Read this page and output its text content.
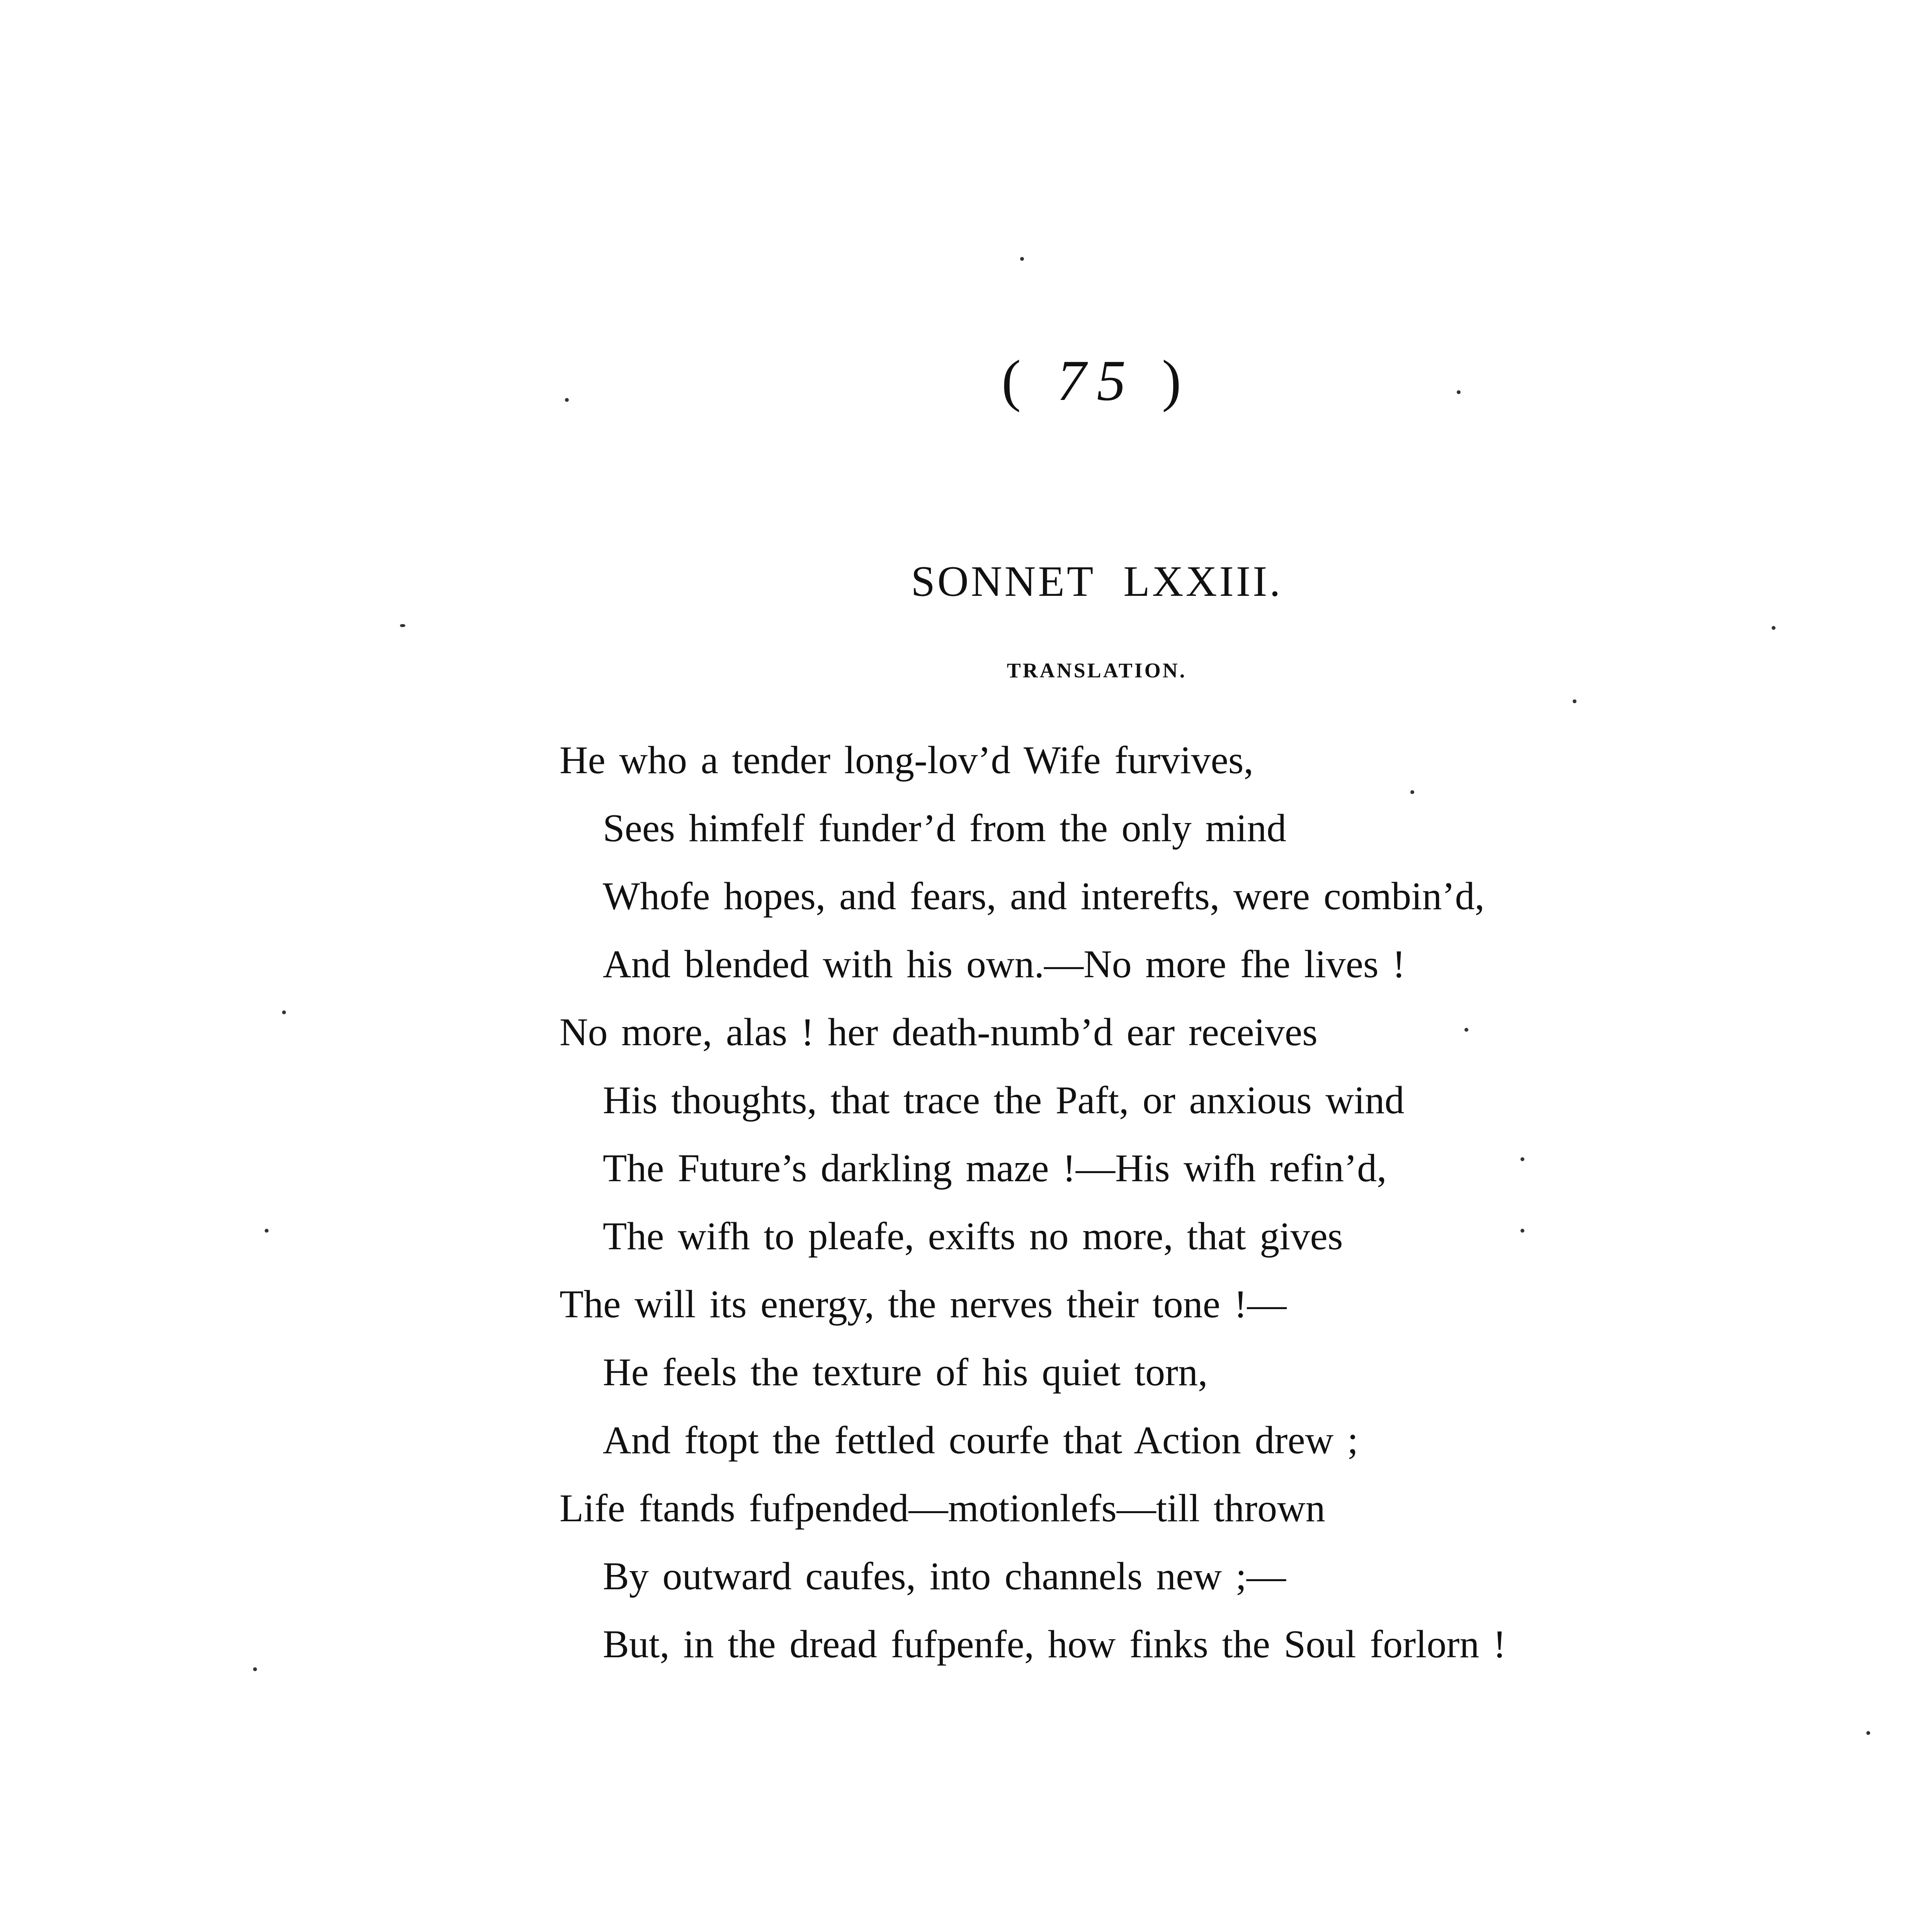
( 75 )
SONNET LXXIII.
TRANSLATION.
He who a tender long-lov’d Wife furvives,
Sees himfelf funder’d from the only mind
Whofe hopes, and fears, and interefts, were combin’d,
And blended with his own.—No more fhe lives !
No more, alas ! her death-numb’d ear receives
His thoughts, that trace the Paft, or anxious wind
The Future’s darkling maze !—His wifh refin’d,
The wifh to pleafe, exifts no more, that gives
The will its energy, the nerves their tone !—
He feels the texture of his quiet torn,
And ftopt the fettled courfe that Action drew ;
Life ftands fufpended—motionlefs—till thrown
By outward caufes, into channels new ;—
But, in the dread fufpenfe, how finks the Soul forlorn !
